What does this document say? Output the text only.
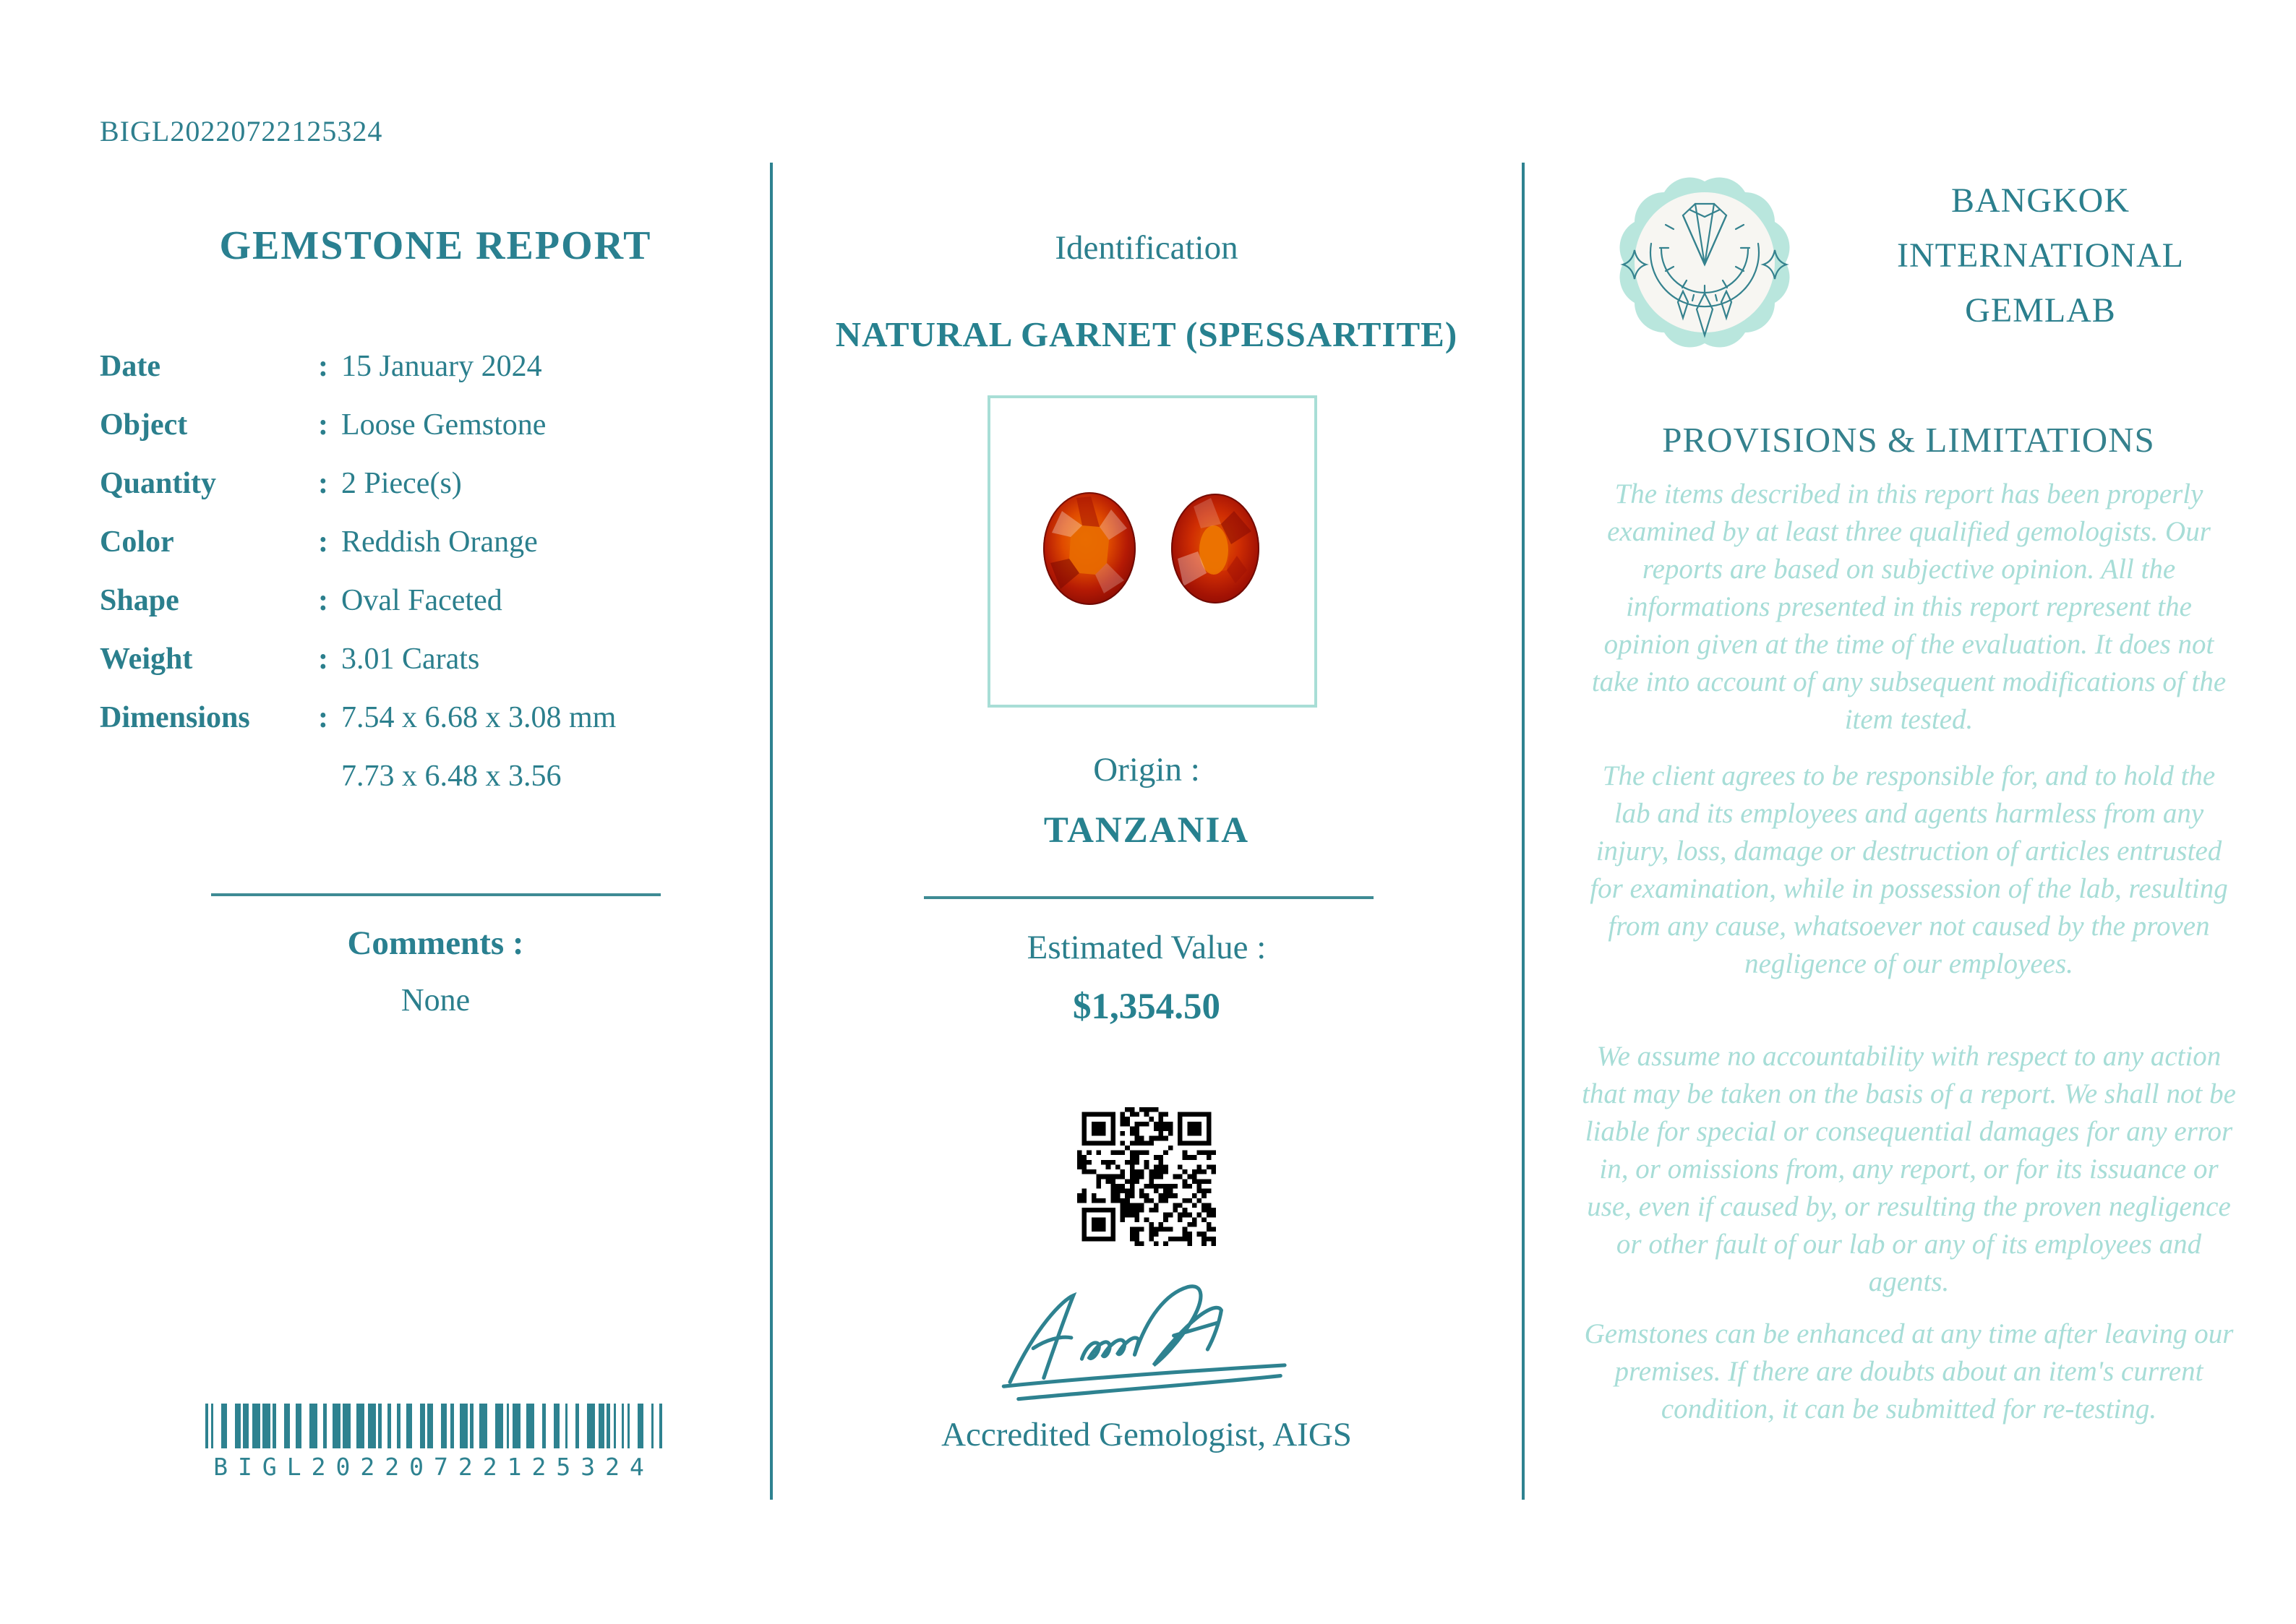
BIGL20220722125324
GEMSTONE REPORT
Date	: 15 January 2024
Object	: Loose Gemstone
Quantity	: 2 Piece(s)
Color	: Reddish Orange
Shape	: Oval Faceted
Weight	: 3.01 Carats
Dimensions	: 7.54 x 6.68 x 3.08 mm
7.73 x 6.48 x 3.56
Comments :
None
BIGL20220722125324
Identification
NATURAL GARNET (SPESSARTITE)
Origin :
TANZANIA
Estimated Value :
$1,354.50
Accredited Gemologist, AIGS
BANGKOK
INTERNATIONAL
GEMLAB
PROVISIONS & LIMITATIONS
The items described in this report has been properly examined by at least three qualified gemologists. Our reports are based on subjective opinion. All the informations presented in this report represent the opinion given at the time of the evaluation. It does not take into account of any subsequent modifications of the item tested.
The client agrees to be responsible for, and to hold the lab and its employees and agents harmless from any injury, loss, damage or destruction of articles entrusted for examination, while in possession of the lab, resulting from any cause, whatsoever not caused by the proven negligence of our employees.
We assume no accountability with respect to any action that may be taken on the basis of a report. We shall not be liable for special or consequential damages for any error in, or omissions from, any report, or for its issuance or use, even if caused by, or resulting the proven negligence or other fault of our lab or any of its employees and agents.
Gemstones can be enhanced at any time after leaving our premises. If there are doubts about an item's current condition, it can be submitted for re-testing.
